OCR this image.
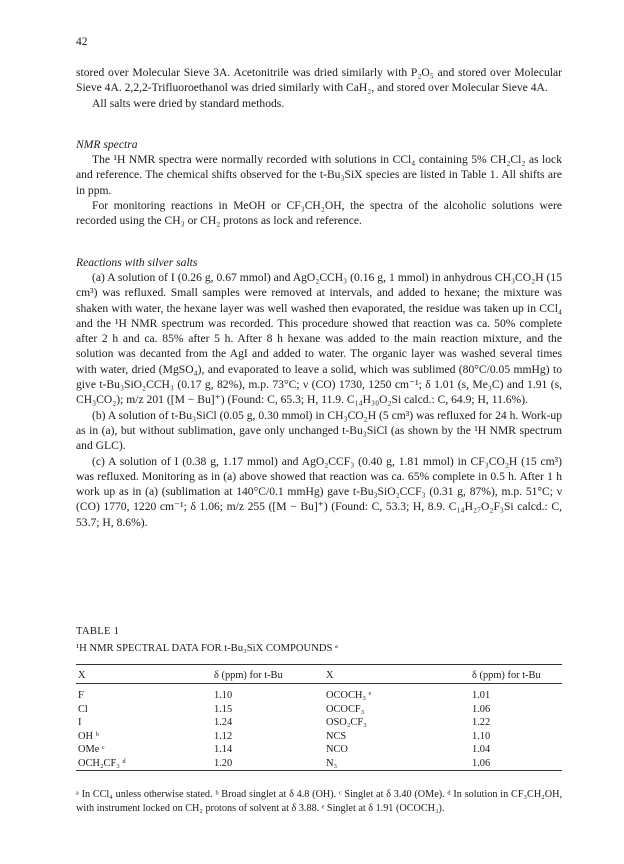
42

stored over Molecular Sieve 3A. Acetonitrile was dried similarly with P₂O₅ and stored over Molecular Sieve 4A. 2,2,2-Trifluoroethanol was dried similarly with CaH₂, and stored over Molecular Sieve 4A.

All salts were dried by standard methods.

NMR spectra

The ¹H NMR spectra were normally recorded with solutions in CCl₄ containing 5% CH₂Cl₂ as lock and reference. The chemical shifts observed for the t-Bu₃SiX species are listed in Table 1. All shifts are in ppm.

For monitoring reactions in MeOH or CF₃CH₂OH, the spectra of the alcoholic solutions were recorded using the CH₃ or CH₂ protons as lock and reference.

Reactions with silver salts

(a) A solution of I (0.26 g, 0.67 mmol) and AgO₂CCH₃ (0.16 g, 1 mmol) in anhydrous CH₃CO₂H (15 cm³) was refluxed. Small samples were removed at intervals, and added to hexane; the mixture was shaken with water, the hexane layer was well washed then evaporated, the residue was taken up in CCl₄ and the ¹H NMR spectrum was recorded. This procedure showed that reaction was ca. 50% complete after 2 h and ca. 85% after 5 h. After 8 h hexane was added to the main reaction mixture, and the solution was decanted from the AgI and added to water. The organic layer was washed several times with water, dried (MgSO₄), and evaporated to leave a solid, which was sublimed (80°C/0.05 mmHg) to give t-Bu₃SiO₂CCH₃ (0.17 g, 82%), m.p. 73°C; ν (CO) 1730, 1250 cm⁻¹; δ 1.01 (s, Me₃C) and 1.91 (s, CH₃CO₂); m/z 201 ([M − Bu]⁺) (Found: C, 65.3; H, 11.9. C₁₄H₃₀O₂Si calcd.: C, 64.9; H, 11.6%).

(b) A solution of t-Bu₃SiCl (0.05 g, 0.30 mmol) in CH₃CO₂H (5 cm³) was refluxed for 24 h. Work-up as in (a), but without sublimation, gave only unchanged t-Bu₃SiCl (as shown by the ¹H NMR spectrum and GLC).

(c) A solution of I (0.38 g, 1.17 mmol) and AgO₂CCF₃ (0.40 g, 1.81 mmol) in CF₃CO₂H (15 cm³) was refluxed. Monitoring as in (a) above showed that reaction was ca. 65% complete in 0.5 h. After 1 h work up as in (a) (sublimation at 140°C/0.1 mmHg) gave t-Bu₃SiO₂CCF₃ (0.31 g, 87%), m.p. 51°C; ν (CO) 1770, 1220 cm⁻¹; δ 1.06; m/z 255 ([M − Bu]⁺) (Found: C, 53.3; H, 8.9. C₁₄H₂₇O₂F₃Si calcd.: C, 53.7; H, 8.6%).

TABLE 1
¹H NMR SPECTRAL DATA FOR t-Bu₃SiX COMPOUNDS ᵃ
X	δ (ppm) for t-Bu	X	δ (ppm) for t-Bu
F	1.10	OCOCH₃ ᵉ	1.01
Cl	1.15	OCOCF₃	1.06
I	1.24	OSO₂CF₃	1.22
OH ᵇ	1.12	NCS	1.10
OMe ᶜ	1.14	NCO	1.04
OCH₂CF₃ ᵈ	1.20	N₃	1.06
ᵃ In CCl₄ unless otherwise stated. ᵇ Broad singlet at δ 4.8 (OH). ᶜ Singlet at δ 3.40 (OMe). ᵈ In solution in CF₃CH₂OH, with instrument locked on CH₂ protons of solvent at δ 3.88. ᵉ Singlet at δ 1.91 (OCOCH₃).
